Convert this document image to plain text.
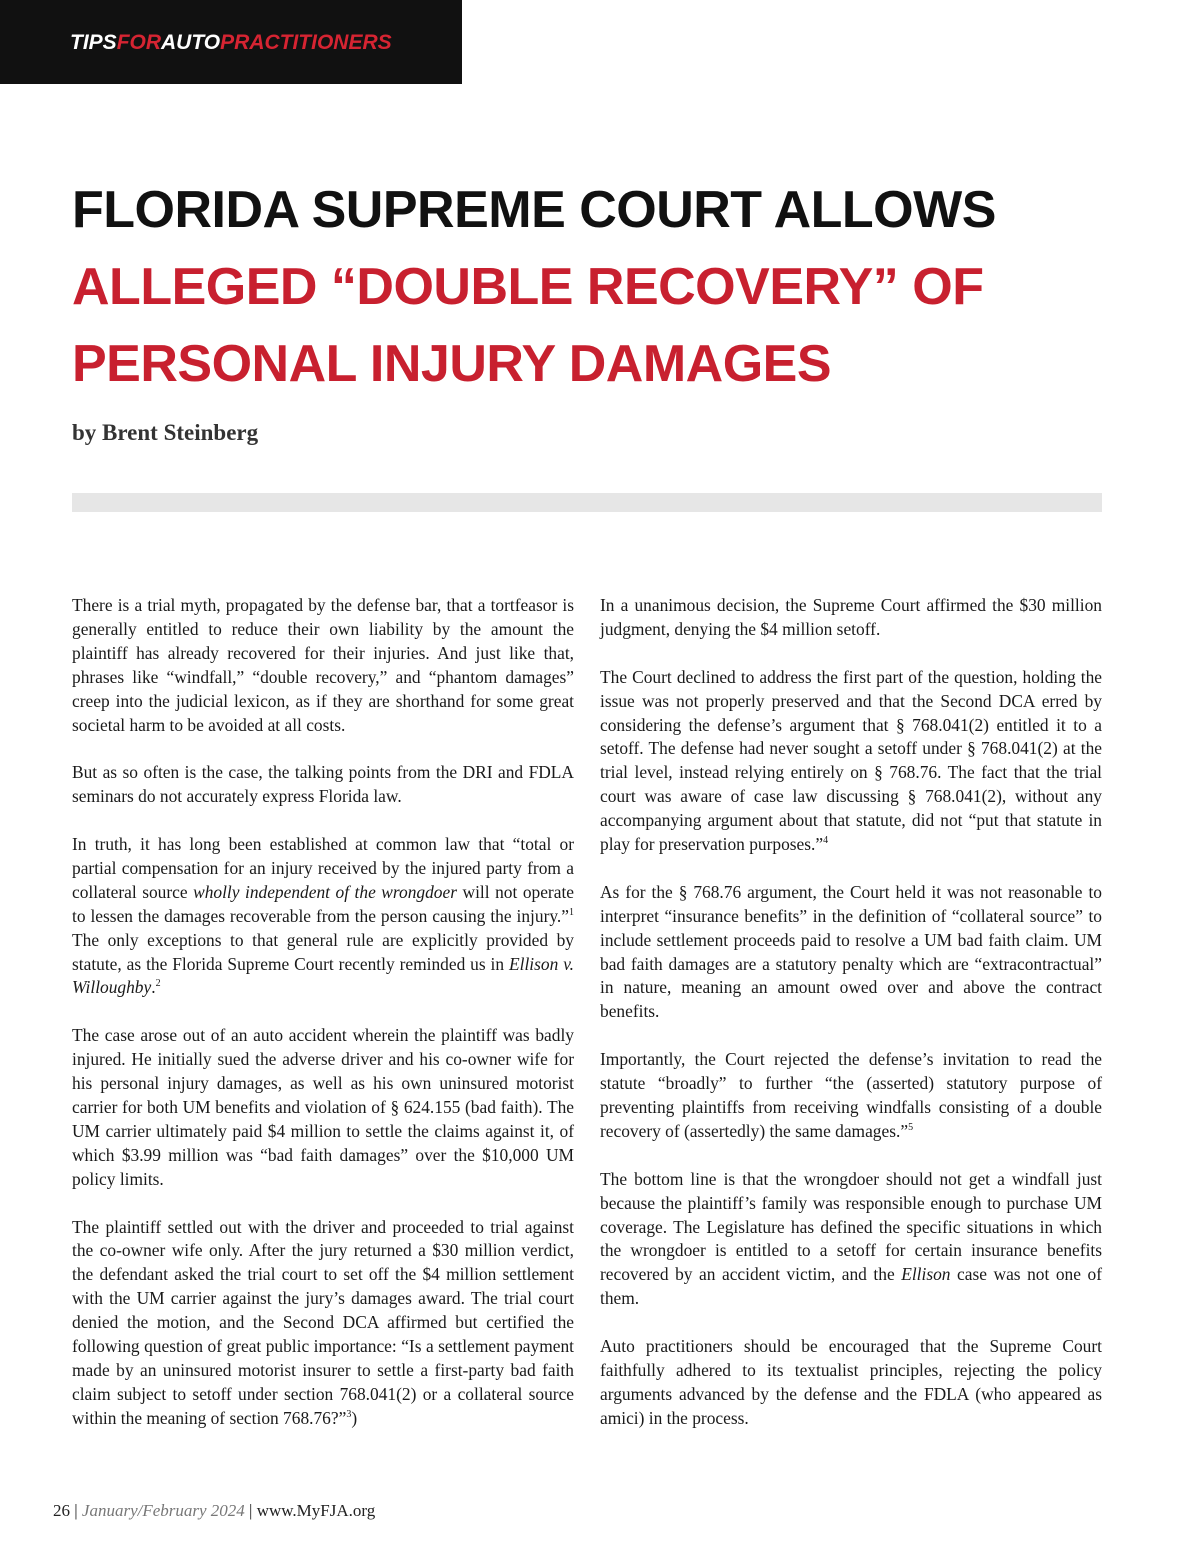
TIPSFORAUTOPRACTITIONERS
FLORIDA SUPREME COURT ALLOWS
ALLEGED “DOUBLE RECOVERY” OF
PERSONAL INJURY DAMAGES
by Brent Steinberg

There is a trial myth, propagated by the defense bar, that a tortfeasor is generally entitled to reduce their own liability by the amount the plaintiff has already recovered for their injuries. And just like that, phrases like “windfall,” “double recovery,” and “phantom damages” creep into the judicial lexicon, as if they are shorthand for some great societal harm to be avoided at all costs.

But as so often is the case, the talking points from the DRI and FDLA seminars do not accurately express Florida law.

In truth, it has long been established at common law that “total or partial compensation for an injury received by the injured party from a collateral source wholly independent of the wrongdoer will not operate to lessen the damages recoverable from the person causing the injury.”$^1$ The only exceptions to that general rule are explicitly provided by statute, as the Florida Supreme Court recently reminded us in Ellison v. Willoughby.$^2$

The case arose out of an auto accident wherein the plaintiff was badly injured. He initially sued the adverse driver and his co-owner wife for his personal injury damages, as well as his own uninsured motorist carrier for both UM benefits and violation of § 624.155 (bad faith). The UM carrier ultimately paid $4 million to settle the claims against it, of which $3.99 million was “bad faith damages” over the $10,000 UM policy limits.

The plaintiff settled out with the driver and proceeded to trial against the co-owner wife only. After the jury returned a $30 million verdict, the defendant asked the trial court to set off the $4 million settlement with the UM carrier against the jury’s damages award. The trial court denied the motion, and the Second DCA affirmed but certified the following question of great public importance: “Is a settlement payment made by an uninsured motorist insurer to settle a first-party bad faith claim subject to setoff under section 768.041(2) or a collateral source within the meaning of section 768.76?”$^3$)

In a unanimous decision, the Supreme Court affirmed the $30 million judgment, denying the $4 million setoff.

The Court declined to address the first part of the question, holding the issue was not properly preserved and that the Second DCA erred by considering the defense’s argument that § 768.041(2) entitled it to a setoff. The defense had never sought a setoff under § 768.041(2) at the trial level, instead relying entirely on § 768.76. The fact that the trial court was aware of case law discussing § 768.041(2), without any accompanying argument about that statute, did not “put that statute in play for preservation purposes.”$^4$

As for the § 768.76 argument, the Court held it was not reasonable to interpret “insurance benefits” in the definition of “collateral source” to include settlement proceeds paid to resolve a UM bad faith claim. UM bad faith damages are a statutory penalty which are “extracontractual” in nature, meaning an amount owed over and above the contract benefits.

Importantly, the Court rejected the defense’s invitation to read the statute “broadly” to further “the (asserted) statutory purpose of preventing plaintiffs from receiving windfalls consisting of a double recovery of (assertedly) the same damages.”$^5$

The bottom line is that the wrongdoer should not get a windfall just because the plaintiff’s family was responsible enough to purchase UM coverage. The Legislature has defined the specific situations in which the wrongdoer is entitled to a setoff for certain insurance benefits recovered by an accident victim, and the Ellison case was not one of them.

Auto practitioners should be encouraged that the Supreme Court faithfully adhered to its textualist principles, rejecting the policy arguments advanced by the defense and the FDLA (who appeared as amici) in the process.

26 | January/February 2024 | www.MyFJA.org
